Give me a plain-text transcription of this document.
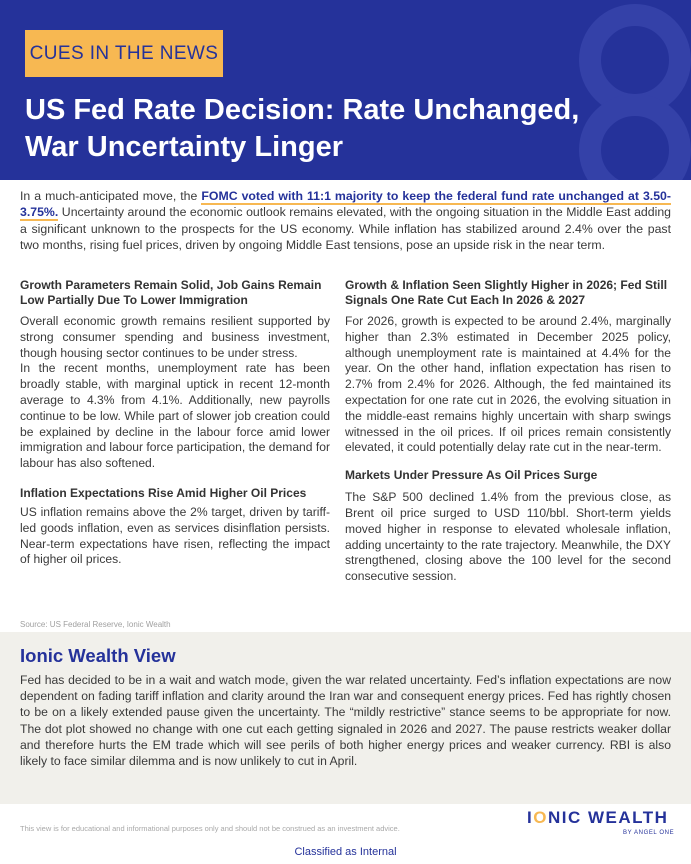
CUES IN THE NEWS
US Fed Rate Decision: Rate Unchanged,
War Uncertainty Linger

In a much-anticipated move, the FOMC voted with 11:1 majority to keep the federal fund rate unchanged at 3.50-3.75%. Uncertainty around the economic outlook remains elevated, with the ongoing situation in the Middle East adding a significant unknown to the prospects for the US economy. While inflation has stabilized around 2.4% over the past two months, rising fuel prices, driven by ongoing Middle East tensions, pose an upside risk in the near term.

Growth Parameters Remain Solid, Job Gains Remain Low Partially Due To Lower Immigration

Overall economic growth remains resilient supported by strong consumer spending and business investment, though housing sector continues to be under stress.

In the recent months, unemployment rate has been broadly stable, with marginal uptick in recent 12-month average to 4.3% from 4.1%. Additionally, new payrolls continue to be low. While part of slower job creation could be explained by decline in the labour force amid lower immigration and labour force participation, the demand for labour has also softened.

Inflation Expectations Rise Amid Higher Oil Prices

US inflation remains above the 2% target, driven by tariff-led goods inflation, even as services disinflation persists. Near-term expectations have risen, reflecting the impact of higher oil prices.

Source: US Federal Reserve, Ionic Wealth
Growth & Inflation Seen Slightly Higher in 2026; Fed Still Signals One Rate Cut Each In 2026 & 2027

For 2026, growth is expected to be around 2.4%, marginally higher than 2.3% estimated in December 2025 policy, although unemployment rate is maintained at 4.4% for the year. On the other hand, inflation expectation has risen to 2.7% from 2.4% for 2026. Although, the fed maintained its expectation for one rate cut in 2026, the evolving situation in the middle-east remains highly uncertain with sharp swings witnessed in the oil prices. If oil prices remain consistently elevated, it could potentially delay rate cut in the near-term.

Markets Under Pressure As Oil Prices Surge

The S&P 500 declined 1.4% from the previous close, as Brent oil price surged to USD 110/bbl. Short-term yields moved higher in response to elevated wholesale inflation, adding uncertainty to the rate trajectory. Meanwhile, the DXY strengthened, closing above the 100 level for the second consecutive session.

Ionic Wealth View

Fed has decided to be in a wait and watch mode, given the war related uncertainty. Fed’s inflation expectations are now dependent on fading tariff inflation and clarity around the Iran war and consequent energy prices. Fed has rightly chosen to be on a likely extended pause given the uncertainty. The “mildly restrictive” stance seems to be appropriate for now. The dot plot showed no change with one cut each getting signaled in 2026 and 2027. The pause restricts weaker dollar and therefore hurts the EM trade which will see perils of both higher energy prices and weaker currency. RBI is also likely to face similar dilemma and is now unlikely to cut in April.

This view is for educational and informational purposes only and should not be construed as an investment advice.
IONIC WEALTH
BY ANGEL ONE
Classified as Internal
